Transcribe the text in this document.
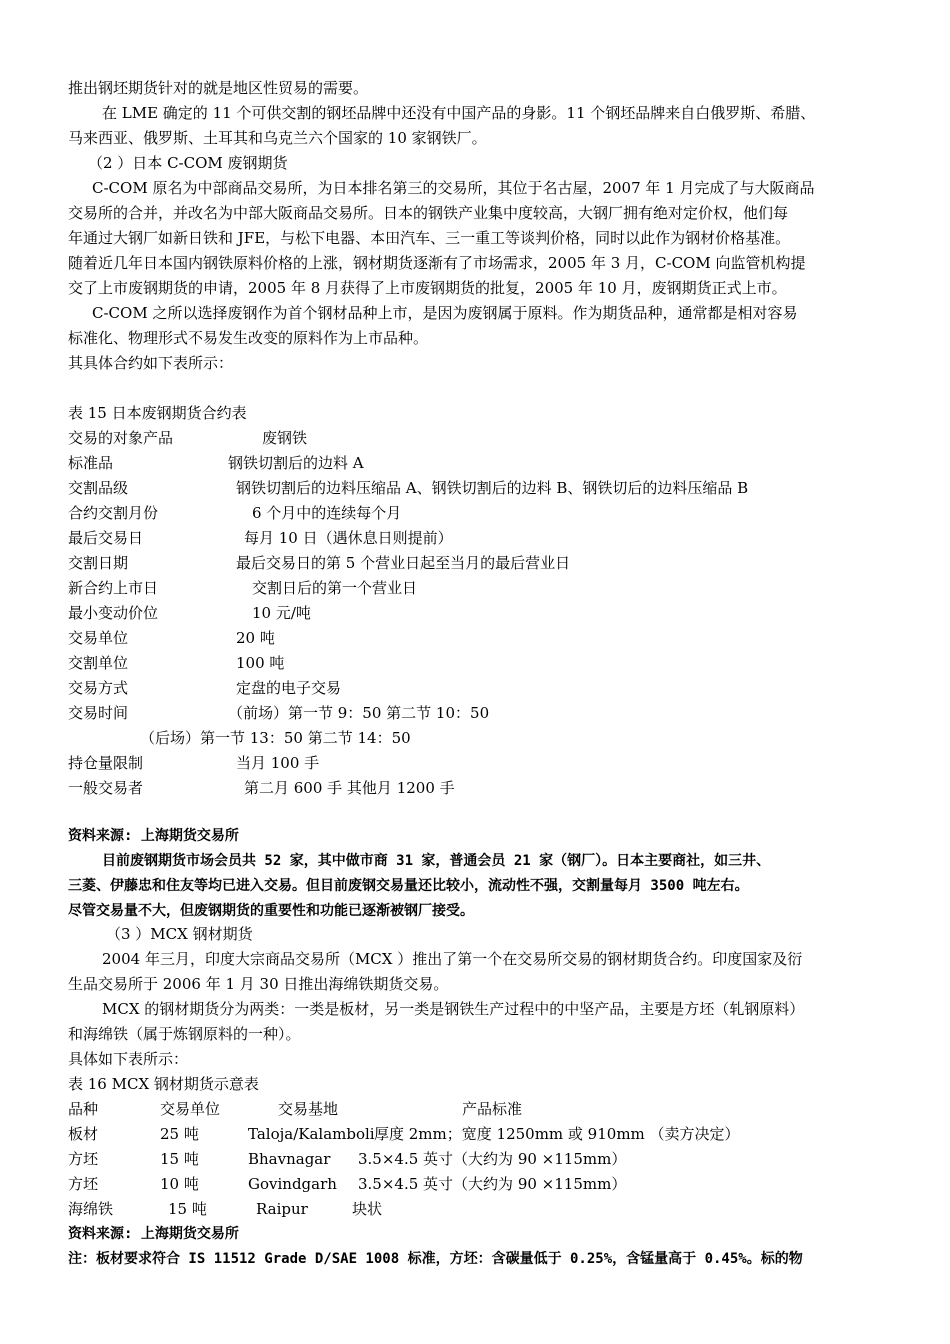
推出钢坯期货针对的就是地区性贸易的需要。
在 LME 确定的 11 个可供交割的钢坯品牌中还没有中国产品的身影。11 个钢坯品牌来自白俄罗斯、希腊、
马来西亚、俄罗斯、土耳其和乌克兰六个国家的 10 家钢铁厂。
（2 ）日本 C-COM 废钢期货
C-COM 原名为中部商品交易所，为日本排名第三的交易所，其位于名古屋，2007 年 1 月完成了与大阪商品
交易所的合并，并改名为中部大阪商品交易所。日本的钢铁产业集中度较高，大钢厂拥有绝对定价权，他们每
年通过大钢厂如新日铁和 JFE，与松下电器、本田汽车、三一重工等谈判价格，同时以此作为钢材价格基准。
随着近几年日本国内钢铁原料价格的上涨，钢材期货逐渐有了市场需求，2005 年 3 月，C-COM 向监管机构提
交了上市废钢期货的申请，2005 年 8 月获得了上市废钢期货的批复，2005 年 10 月，废钢期货正式上市。
C-COM 之所以选择废钢作为首个钢材品种上市，是因为废钢属于原料。作为期货品种，通常都是相对容易
标准化、物理形式不易发生改变的原料作为上市品种。
其具体合约如下表所示：
表 15 日本废钢期货合约表
交易的对象产品	废钢铁
标准品	钢铁切割后的边料 A
交割品级	钢铁切割后的边料压缩品 A、钢铁切割后的边料 B、钢铁切后的边料压缩品 B
合约交割月份	6 个月中的连续每个月
最后交易日	每月 10 日（遇休息日则提前）
交割日期	最后交易日的第 5 个营业日起至当月的最后营业日
新合约上市日	交割日后的第一个营业日
最小变动价位	10 元/吨
交易单位	20 吨
交割单位	100 吨
交易方式	定盘的电子交易
交易时间	（前场）第一节 9：50 第二节 10：50
（后场）第一节 13：50 第二节 14：50
持仓量限制	当月 100 手
一般交易者	第二月 600 手 其他月 1200 手
资料来源: 上海期货交易所
目前废钢期货市场会员共 52 家，其中做市商 31 家，普通会员 21 家（钢厂）。日本主要商社，如三井、
三菱、伊藤忠和住友等均已进入交易。但目前废钢交易量还比较小，流动性不强，交割量每月 3500 吨左右。
尽管交易量不大，但废钢期货的重要性和功能已逐渐被钢厂接受。
（3 ）MCX 钢材期货
2004 年三月，印度大宗商品交易所（MCX ）推出了第一个在交易所交易的钢材期货合约。印度国家及衍
生品交易所于 2006 年 1 月 30 日推出海绵铁期货交易。
MCX 的钢材期货分为两类：一类是板材，另一类是钢铁生产过程中的中坚产品，主要是方坯（轧钢原料）
和海绵铁（属于炼钢原料的一种）。
具体如下表所示：
表 16 MCX 钢材期货示意表
品种	交易单位	交易基地	产品标准
板材	25 吨	Taloja/Kalamboli 厚度 2mm；宽度 1250mm 或 910mm （卖方决定）
方坯	15 吨	Bhavnagar 3.5×4.5 英寸（大约为 90 ×115mm）
方坯	10 吨	Govindgarh 3.5×4.5 英寸（大约为 90 ×115mm）
海绵铁	15 吨	Raipur	块状
资料来源: 上海期货交易所
注：板材要求符合 IS 11512 Grade D/SAE 1008 标准，方坯：含碳量低于 0.25%，含锰量高于 0.45%。标的物
